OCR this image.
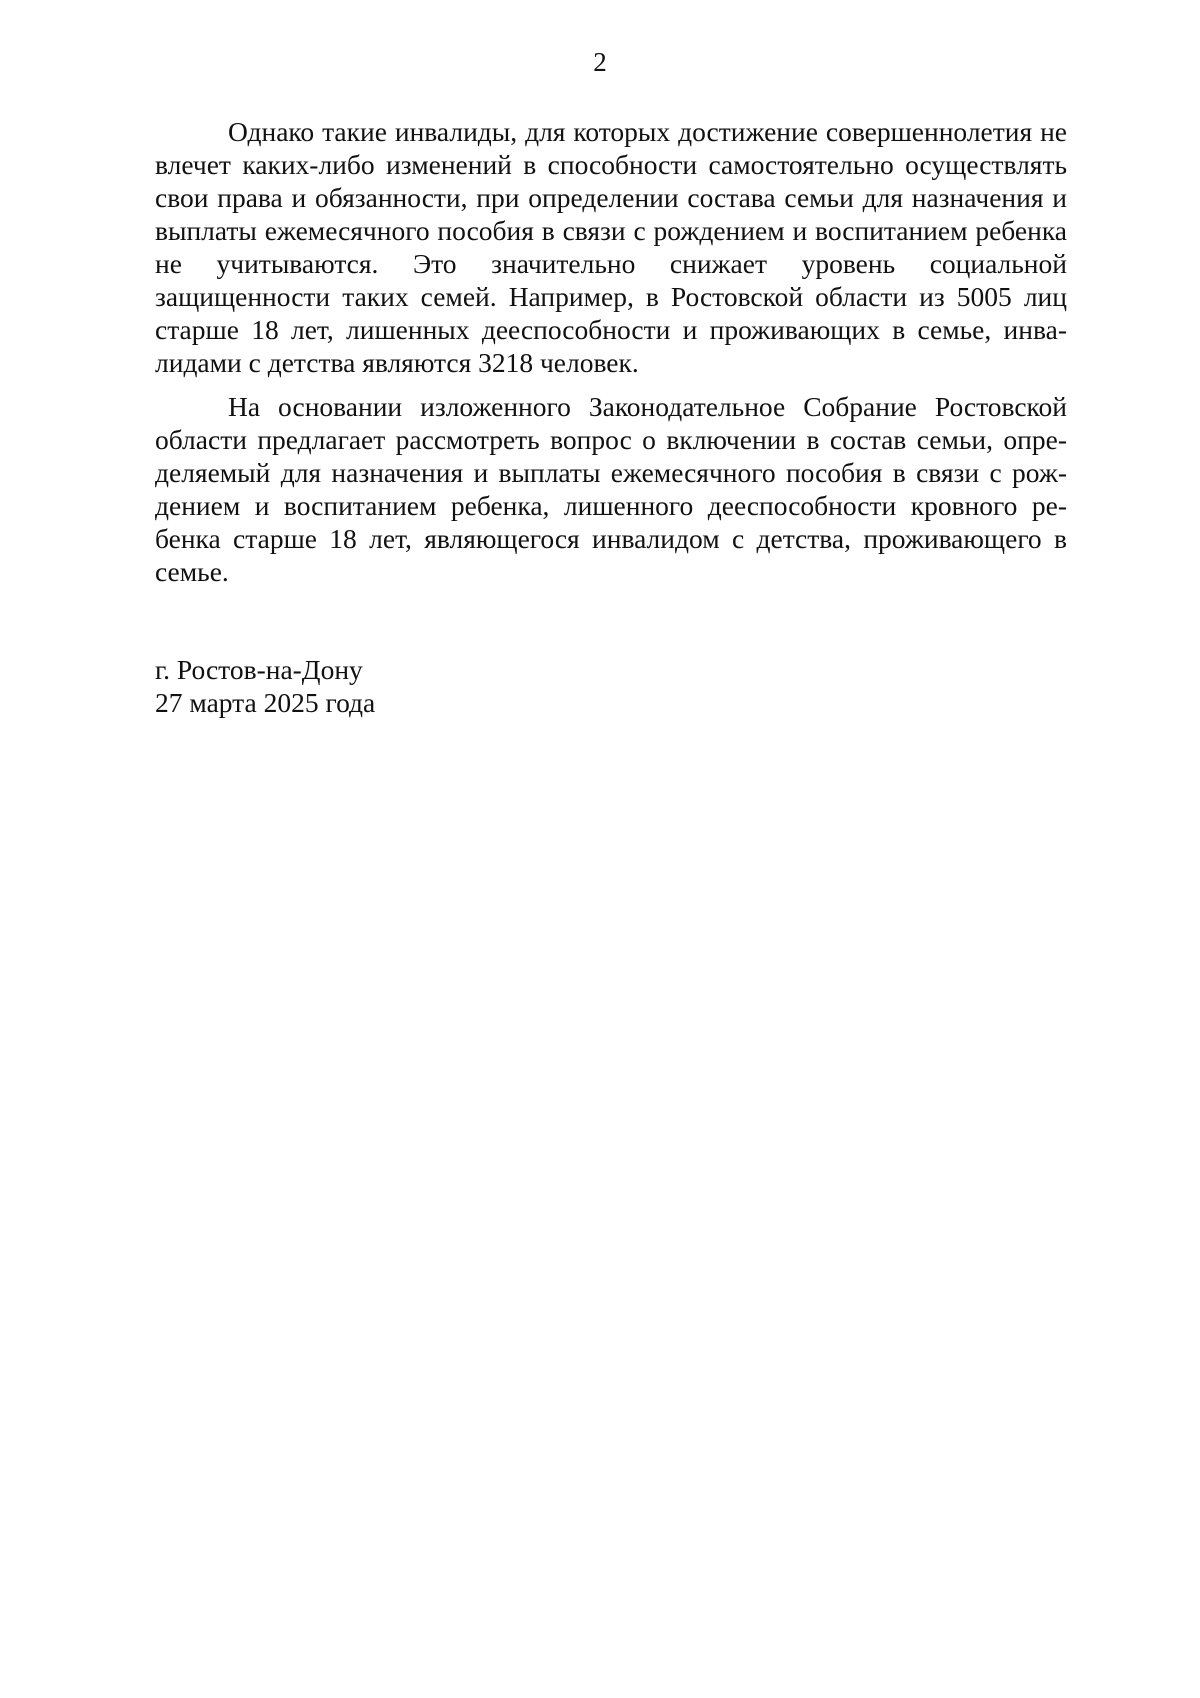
2

Однако такие инвалиды, для которых достижение совершеннолетия не влечет каких-либо изменений в способности самостоятельно осуществлять свои права и обязанности, при определении состава семьи для назначения и выплаты ежемесячного пособия в связи с рождением и воспитанием ребенка не учитываются. Это значительно снижает уровень социальной защищенности таких семей. Например, в Ростовской области из 5005 лиц старше 18 лет, лишенных дееспособности и проживающих в семье, инвалидами с детства являются 3218 человек.

На основании изложенного Законодательное Собрание Ростовской области предлагает рассмотреть вопрос о включении в состав семьи, определяемый для назначения и выплаты ежемесячного пособия в связи с рождением и воспитанием ребенка, лишенного дееспособности кровного ребенка старше 18 лет, являющегося инвалидом с детства, проживающего в семье.

г. Ростов-на-Дону
27 марта 2025 года
